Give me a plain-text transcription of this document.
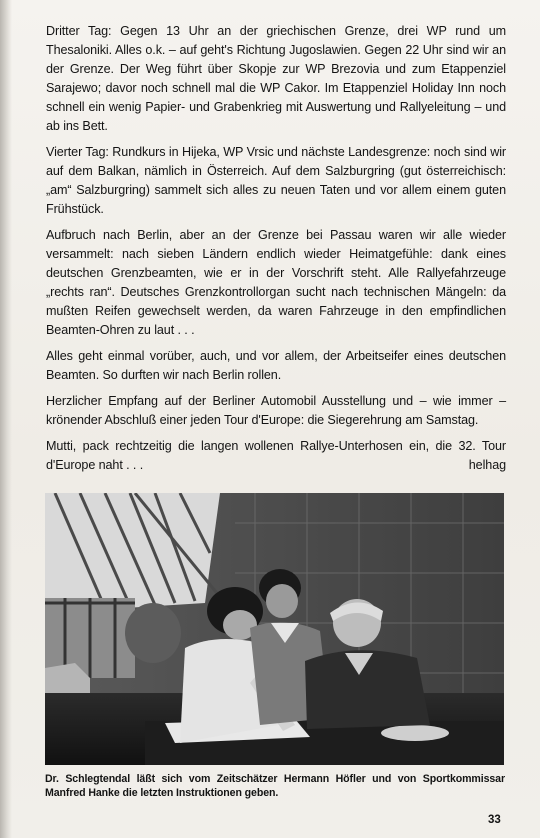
Dritter Tag: Gegen 13 Uhr an der griechischen Grenze, drei WP rund um Thesaloniki. Alles o.k. – auf geht's Richtung Jugoslawien. Gegen 22 Uhr sind wir an der Grenze. Der Weg führt über Skopje zur WP Brezovia und zum Etappenziel Sarajewo; davor noch schnell mal die WP Cakor. Im Etappenziel Holiday Inn noch schnell ein wenig Papier- und Grabenkrieg mit Auswertung und Rallyeleitung – und ab ins Bett.

Vierter Tag: Rundkurs in Hijeka, WP Vrsic und nächste Landesgrenze: noch sind wir auf dem Balkan, nämlich in Österreich. Auf dem Salzburgring (gut österreichisch: „am“ Salzburgring) sammelt sich alles zu neuen Taten und vor allem einem guten Frühstück.

Aufbruch nach Berlin, aber an der Grenze bei Passau waren wir alle wieder versammelt: nach sieben Ländern endlich wieder Heimatgefühle: dank eines deutschen Grenzbeamten, wie er in der Vorschrift steht. Alle Rallyefahrzeuge „rechts ran“. Deutsches Grenzkontrollorgan sucht nach technischen Mängeln: da mußten Reifen gewechselt werden, da waren Fahrzeuge in den empfindlichen Beamten-Ohren zu laut . . .

Alles geht einmal vorüber, auch, und vor allem, der Arbeitseifer eines deutschen Beamten. So durften wir nach Berlin rollen.

Herzlicher Empfang auf der Berliner Automobil Ausstellung und – wie immer – krönender Abschluß einer jeden Tour d'Europe: die Siegerehrung am Samstag.

Mutti, pack rechtzeitig die langen wollenen Rallye-Unterhosen ein, die 32. Tour d'Europe naht . . .	helhag

Dr. Schlegtendal läßt sich vom Zeitschätzer Hermann Höfler und von Sportkommissar Manfred Hanke die letzten Instruktionen geben.
33
